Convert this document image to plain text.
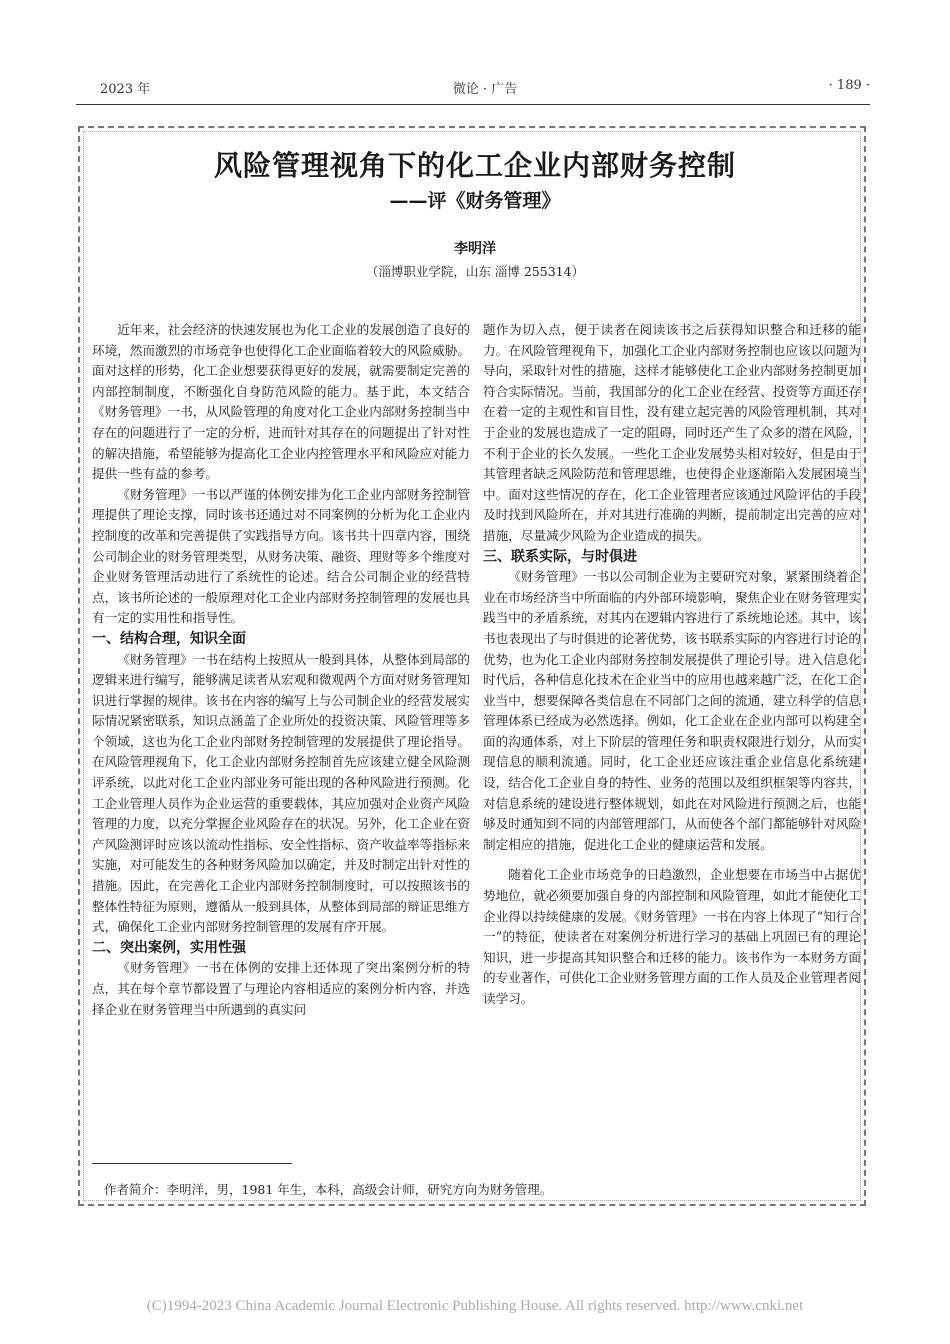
2023 年	微论 · 广告	· 189 ·
风险管理视角下的化工企业内部财务控制
——评《财务管理》
李明洋
（淄博职业学院，山东 淄博 255314）

近年来，社会经济的快速发展也为化工企业的发展创造了良好的环境，然而激烈的市场竞争也使得化工企业面临着较大的风险威胁。面对这样的形势，化工企业想要获得更好的发展，就需要制定完善的内部控制制度，不断强化自身防范风险的能力。基于此，本文结合《财务管理》一书，从风险管理的角度对化工企业内部财务控制当中存在的问题进行了一定的分析，进而针对其存在的问题提出了针对性的解决措施，希望能够为提高化工企业内控管理水平和风险应对能力提供一些有益的参考。

《财务管理》一书以严谨的体例安排为化工企业内部财务控制管理提供了理论支撑，同时该书还通过对不同案例的分析为化工企业内控制度的改革和完善提供了实践指导方向。该书共十四章内容，围绕公司制企业的财务管理类型，从财务决策、融资、理财等多个维度对企业财务管理活动进行了系统性的论述。结合公司制企业的经营特点，该书所论述的一般原理对化工企业内部财务控制管理的发展也具有一定的实用性和指导性。

一、结构合理，知识全面

《财务管理》一书在结构上按照从一般到具体，从整体到局部的逻辑来进行编写，能够满足读者从宏观和微观两个方面对财务管理知识进行掌握的规律。该书在内容的编写上与公司制企业的经营发展实际情况紧密联系，知识点涵盖了企业所处的投资决策、风险管理等多个领域，这也为化工企业内部财务控制管理的发展提供了理论指导。在风险管理视角下，化工企业内部财务控制首先应该建立健全风险测评系统，以此对化工企业内部业务可能出现的各种风险进行预测。化工企业管理人员作为企业运营的重要载体，其应加强对企业资产风险管理的力度，以充分掌握企业风险存在的状况。另外，化工企业在资产风险测评时应该以流动性指标、安全性指标、资产收益率等指标来实施，对可能发生的各种财务风险加以确定，并及时制定出针对性的措施。因此，在完善化工企业内部财务控制制度时，可以按照该书的整体性特征为原则，遵循从一般到具体，从整体到局部的辩证思维方式，确保化工企业内部财务控制管理的发展有序开展。

二、突出案例，实用性强

《财务管理》一书在体例的安排上还体现了突出案例分析的特点，其在每个章节都设置了与理论内容相适应的案例分析内容，并选择企业在财务管理当中所遇到的真实问

题作为切入点，便于读者在阅读该书之后获得知识整合和迁移的能力。在风险管理视角下，加强化工企业内部财务控制也应该以问题为导向，采取针对性的措施，这样才能够使化工企业内部财务控制更加符合实际情况。当前，我国部分的化工企业在经营、投资等方面还存在着一定的主观性和盲目性，没有建立起完善的风险管理机制，其对于企业的发展也造成了一定的阻碍，同时还产生了众多的潜在风险，不利于企业的长久发展。一些化工企业发展势头相对较好，但是由于其管理者缺乏风险防范和管理思维，也使得企业逐渐陷入发展困境当中。面对这些情况的存在，化工企业管理者应该通过风险评估的手段及时找到风险所在，并对其进行准确的判断，提前制定出完善的应对措施，尽量减少风险为企业造成的损失。

三、联系实际，与时俱进

《财务管理》一书以公司制企业为主要研究对象，紧紧围绕着企业在市场经济当中所面临的内外部环境影响，聚焦企业在财务管理实践当中的矛盾系统，对其内在逻辑内容进行了系统地论述。其中，该书也表现出了与时俱进的论著优势，该书联系实际的内容进行讨论的优势，也为化工企业内部财务控制发展提供了理论引导。进入信息化时代后，各种信息化技术在企业当中的应用也越来越广泛，在化工企业当中，想要保障各类信息在不同部门之间的流通，建立科学的信息管理体系已经成为必然选择。例如，化工企业在企业内部可以构建全面的沟通体系，对上下阶层的管理任务和职责权限进行划分，从而实现信息的顺利流通。同时，化工企业还应该注重企业信息化系统建设，结合化工企业自身的特性、业务的范围以及组织框架等内容共，对信息系统的建设进行整体规划，如此在对风险进行预测之后，也能够及时通知到不同的内部管理部门，从而使各个部门都能够针对风险制定相应的措施，促进化工企业的健康运营和发展。

随着化工企业市场竞争的日趋激烈，企业想要在市场当中占据优势地位，就必须要加强自身的内部控制和风险管理，如此才能使化工企业得以持续健康的发展。《财务管理》一书在内容上体现了“知行合一”的特征，使读者在对案例分析进行学习的基础上巩固已有的理论知识，进一步提高其知识整合和迁移的能力。该书作为一本财务方面的专业著作，可供化工企业财务管理方面的工作人员及企业管理者阅读学习。

作者简介：李明洋，男，1981 年生，本科，高级会计师，研究方向为财务管理。
(C)1994-2023 China Academic Journal Electronic Publishing House. All rights reserved. http://www.cnki.net
